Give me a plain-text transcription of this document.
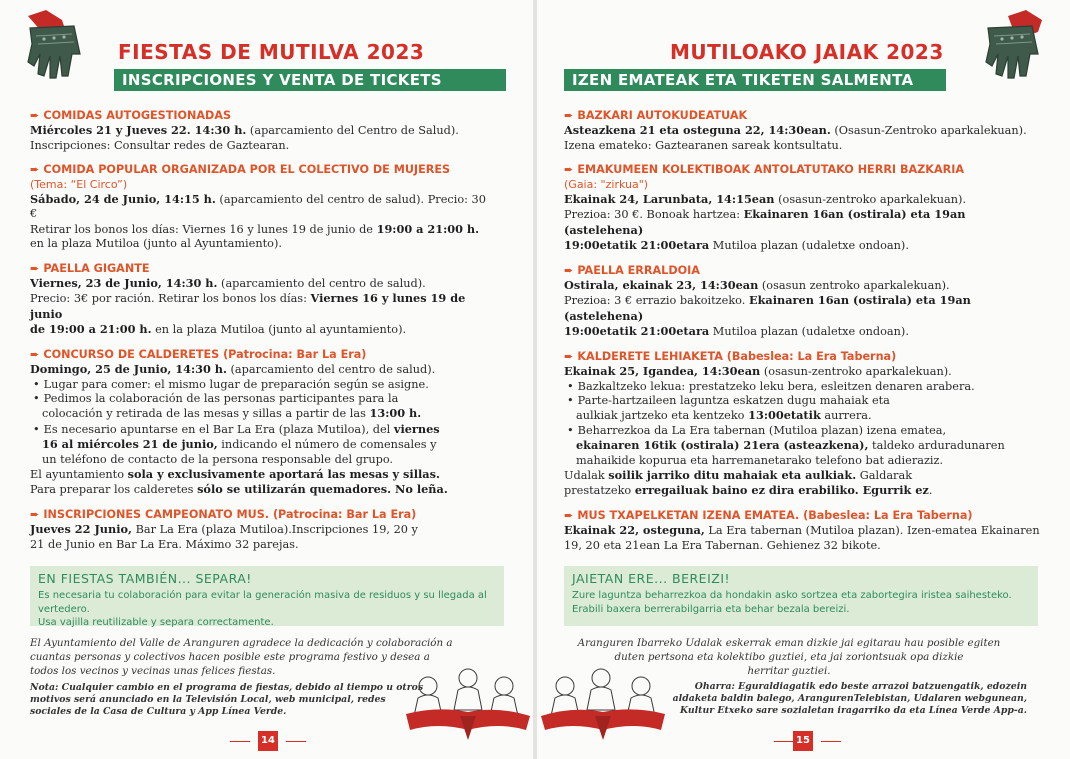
FIESTAS DE MUTILVA 2023
INSCRIPCIONES Y VENTA DE TICKETS
➨ COMIDAS AUTOGESTIONADAS

Miércoles 21 y Jueves 22. 14:30 h. (aparcamiento del Centro de Salud).

Inscripciones: Consultar redes de Gaztearan.

➨ COMIDA POPULAR ORGANIZADA POR EL COLECTIVO DE MUJERES
(Tema: “El Circo”)

Sábado, 24 de Junio, 14:15 h. (aparcamiento del centro de salud). Precio: 30 €

Retirar los bonos los días: Viernes 16 y lunes 19 de junio de 19:00 a 21:00 h.

en la plaza Mutiloa (junto al Ayuntamiento).

➨ PAELLA GIGANTE

Viernes, 23 de Junio, 14:30 h. (aparcamiento del centro de salud).

Precio: 3€ por ración. Retirar los bonos los días: Viernes 16 y lunes 19 de junio

de 19:00 a 21:00 h. en la plaza Mutiloa (junto al ayuntamiento).

➨ CONCURSO DE CALDERETES (Patrocina: Bar La Era)

Domingo, 25 de Junio, 14:30 h. (aparcamiento del centro de salud).

• Lugar para comer: el mismo lugar de preparación según se asigne.
• Pedimos la colaboración de las personas participantes para la
colocación y retirada de las mesas y sillas a partir de las 13:00 h.
• Es necesario apuntarse en el Bar La Era (plaza Mutiloa), del viernes
16 al miércoles 21 de junio, indicando el número de comensales y
un teléfono de contacto de la persona responsable del grupo.

El ayuntamiento sola y exclusivamente aportará las mesas y sillas.

Para preparar los calderetes sólo se utilizarán quemadores. No leña.

➨ INSCRIPCIONES CAMPEONATO MUS. (Patrocina: Bar La Era)

Jueves 22 Junio, Bar La Era (plaza Mutiloa).Inscripciones 19, 20 y

21 de Junio en Bar La Era. Máximo 32 parejas.

EN FIESTAS TAMBIÉN... SEPARA!
Es necesaria tu colaboración para evitar la generación masiva de residuos y su llegada al vertedero.
Usa vajilla reutilizable y separa correctamente.
El Ayuntamiento del Valle de Aranguren agradece la dedicación y colaboración a
cuantas personas y colectivos hacen posible este programa festivo y desea a
todos los vecinos y vecinas unas felices fiestas.
Nota: Cualquier cambio en el programa de fiestas, debido al tiempo u otros
motivos será anunciado en la Televisión Local, web municipal, redes
sociales de la Casa de Cultura y App Línea Verde.
14
MUTILOAKO JAIAK 2023
IZEN EMATEAK ETA TIKETEN SALMENTA
➨ BAZKARI AUTOKUDEATUAK

Asteazkena 21 eta osteguna 22, 14:30ean. (Osasun-Zentroko aparkalekuan).

Izena emateko: Gaztearanen sareak kontsultatu.

➨ EMAKUMEEN KOLEKTIBOAK ANTOLATUTAKO HERRI BAZKARIA
(Gaia: "zirkua")

Ekainak 24, Larunbata, 14:15ean (osasun-zentroko aparkalekuan).

Prezioa: 30 €. Bonoak hartzea: Ekainaren 16an (ostirala) eta 19an (astelehena)

19:00etatik 21:00etara Mutiloa plazan (udaletxe ondoan).

➨ PAELLA ERRALDOIA

Ostirala, ekainak 23, 14:30ean (osasun zentroko aparkalekuan).

Prezioa: 3 € errazio bakoitzeko. Ekainaren 16an (ostirala) eta 19an (astelehena)

19:00etatik 21:00etara Mutiloa plazan (udaletxe ondoan).

➨ KALDERETE LEHIAKETA (Babeslea: La Era Taberna)

Ekainak 25, Igandea, 14:30ean (osasun-zentroko aparkalekuan).

• Bazkaltzeko lekua: prestatzeko leku bera, esleitzen denaren arabera.
• Parte-hartzaileen laguntza eskatzen dugu mahaiak eta
aulkiak jartzeko eta kentzeko 13:00etatik aurrera.
• Beharrezkoa da La Era tabernan (Mutiloa plazan) izena ematea,
ekainaren 16tik (ostirala) 21era (asteazkena), taldeko arduradunaren
mahaikide kopurua eta harremanetarako telefono bat adieraziz.

Udalak soilik jarriko ditu mahaiak eta aulkiak. Galdarak

prestatzeko erregailuak baino ez dira erabiliko. Egurrik ez.

➨ MUS TXAPELKETAN IZENA EMATEA. (Babeslea: La Era Taberna)

Ekainak 22, osteguna, La Era tabernan (Mutiloa plazan). Izen-ematea Ekainaren

19, 20 eta 21ean La Era Tabernan. Gehienez 32 bikote.

JAIETAN ERE... BEREIZI!
Zure laguntza beharrezkoa da hondakin asko sortzea eta zabortegira iristea saihesteko.
Erabili baxera berrerabilgarria eta behar bezala bereizi.
Aranguren Ibarreko Udalak eskerrak eman dizkie jai egitarau hau posible egiten
duten pertsona eta kolektibo guztiei, eta jai zoriontsuak opa dizkie
herritar guztiei.
Oharra: Eguraldiagatik edo beste arrazoi batzuengatik, edozein
aldaketa baldin balego, ArangurenTelebistan, Udalaren webgunean,
Kultur Etxeko sare sozialetan iragarriko da eta Línea Verde App-a.
15
